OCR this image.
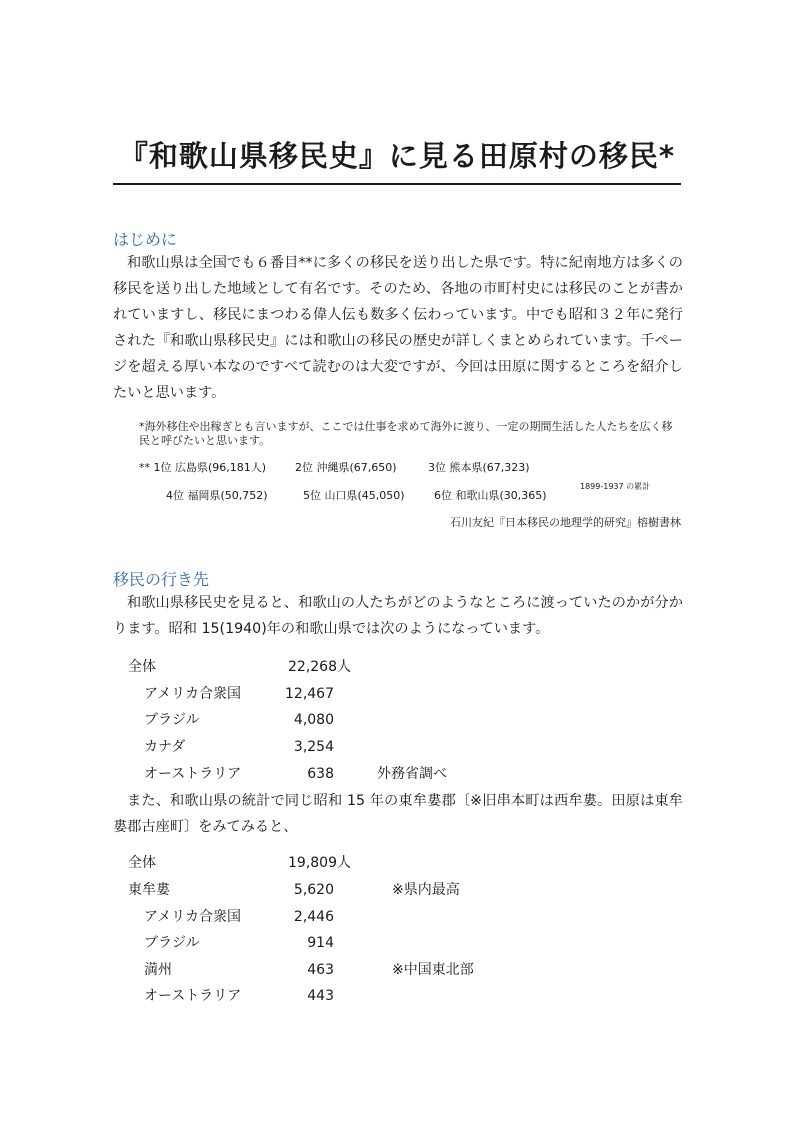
『和歌山県移民史』に見る田原村の移民*
はじめに
和歌山県は全国でも６番目**に多くの移民を送り出した県です。特に紀南地方は多くの移民を送り出した地域として有名です。そのため、各地の市町村史には移民のことが書かれていますし、移民にまつわる偉人伝も数多く伝わっています。中でも昭和３２年に発行された『和歌山県移民史』には和歌山の移民の歴史が詳しくまとめられています。千ページを超える厚い本なのですべて読むのは大変ですが、今回は田原に関するところを紹介したいと思います。
*海外移住や出稼ぎとも言いますが、ここでは仕事を求めて海外に渡り、一定の期間生活した人たちを広く移民と呼びたいと思います。
** 1位 広島県(96,181人)	2位 沖縄県(67,650)	3位 熊本県(67,323)
4位 福岡県(50,752)	5位 山口県(45,050)	6位 和歌山県(30,365)
$^{1899-1937 の累計}$
石川友紀『日本移民の地理学的研究』榕樹書林
移民の行き先
和歌山県移民史を見ると、和歌山の人たちがどのようなところに渡っていたのかが分かります。昭和 15(1940)年の和歌山県では次のようになっています。
全体	22,268人
アメリカ合衆国	12,467
ブラジル	4,080
カナダ	3,254
オーストラリア	638	外務省調べ
また、和歌山県の統計で同じ昭和 15 年の東牟婁郡〔※旧串本町は西牟婁。田原は東牟婁郡古座町〕をみてみると、
全体	19,809人
東牟婁	5,620	※県内最高
アメリカ合衆国	2,446
ブラジル	914
満州	463	※中国東北部
オーストラリア	443
